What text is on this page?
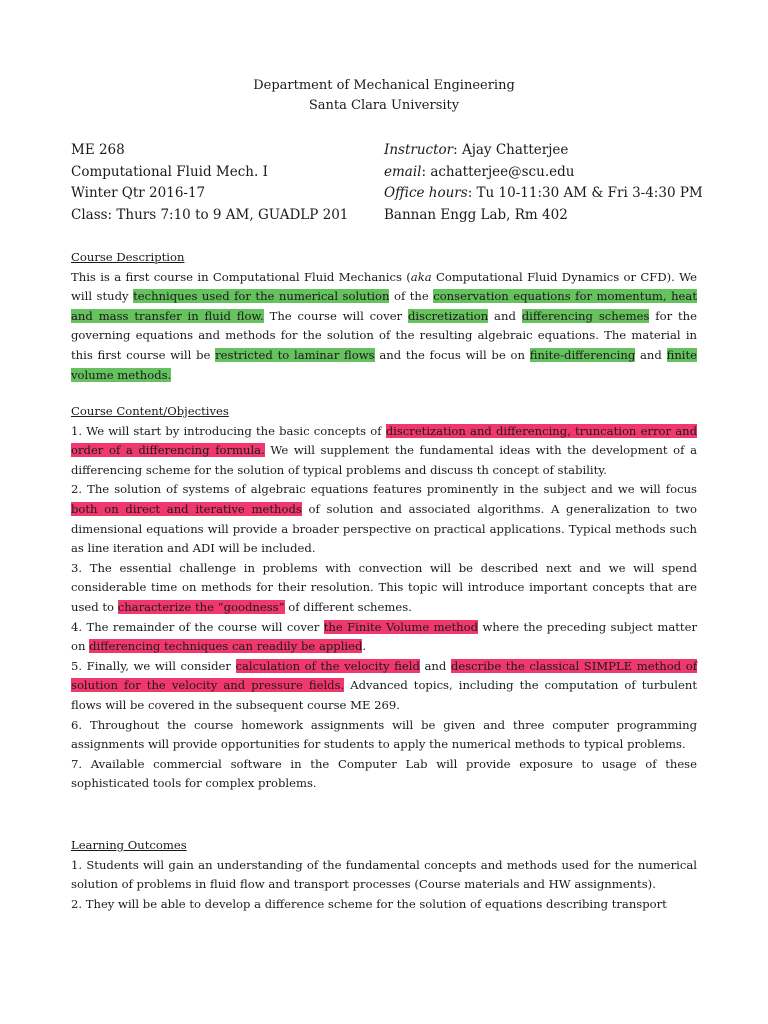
Department of Mechanical Engineering
Santa Clara University
ME 268
Computational Fluid Mech. I
Winter Qtr 2016-17
Class: Thurs 7:10 to 9 AM, GUADLP 201
Instructor: Ajay Chatterjee
email: achatterjee@scu.edu
Office hours: Tu 10-11:30 AM & Fri 3-4:30 PM
Bannan Engg Lab, Rm 402
Course Description

This is a first course in Computational Fluid Mechanics (aka Computational Fluid Dynamics or CFD). We will study techniques used for the numerical solution of the conservation equations for momentum, heat and mass transfer in fluid flow. The course will cover discretization and differencing schemes for the governing equations and methods for the solution of the resulting algebraic equations. The material in this first course will be restricted to laminar flows and the focus will be on finite-differencing and finite volume methods.

Course Content/Objectives

1. We will start by introducing the basic concepts of discretization and differencing, truncation error and order of a differencing formula. We will supplement the fundamental ideas with the development of a differencing scheme for the solution of typical problems and discuss th concept of stability.

2. The solution of systems of algebraic equations features prominently in the subject and we will focus both on direct and iterative methods of solution and associated algorithms. A generalization to two dimensional equations will provide a broader perspective on practical applications. Typical methods such as line iteration and ADI will be included.

3. The essential challenge in problems with convection will be described next and we will spend considerable time on methods for their resolution. This topic will introduce important concepts that are used to characterize the “goodness” of different schemes.

4. The remainder of the course will cover the Finite Volume method where the preceding subject matter on differencing techniques can readily be applied.

5. Finally, we will consider calculation of the velocity field and describe the classical SIMPLE method of solution for the velocity and pressure fields. Advanced topics, including the computation of turbulent flows will be covered in the subsequent course ME 269.

6. Throughout the course homework assignments will be given and three computer programming assignments will provide opportunities for students to apply the numerical methods to typical problems.

7. Available commercial software in the Computer Lab will provide exposure to usage of these sophisticated tools for complex problems.

Learning Outcomes

1. Students will gain an understanding of the fundamental concepts and methods used for the numerical solution of problems in fluid flow and transport processes (Course materials and HW assignments).

2. They will be able to develop a difference scheme for the solution of equations describing transport
